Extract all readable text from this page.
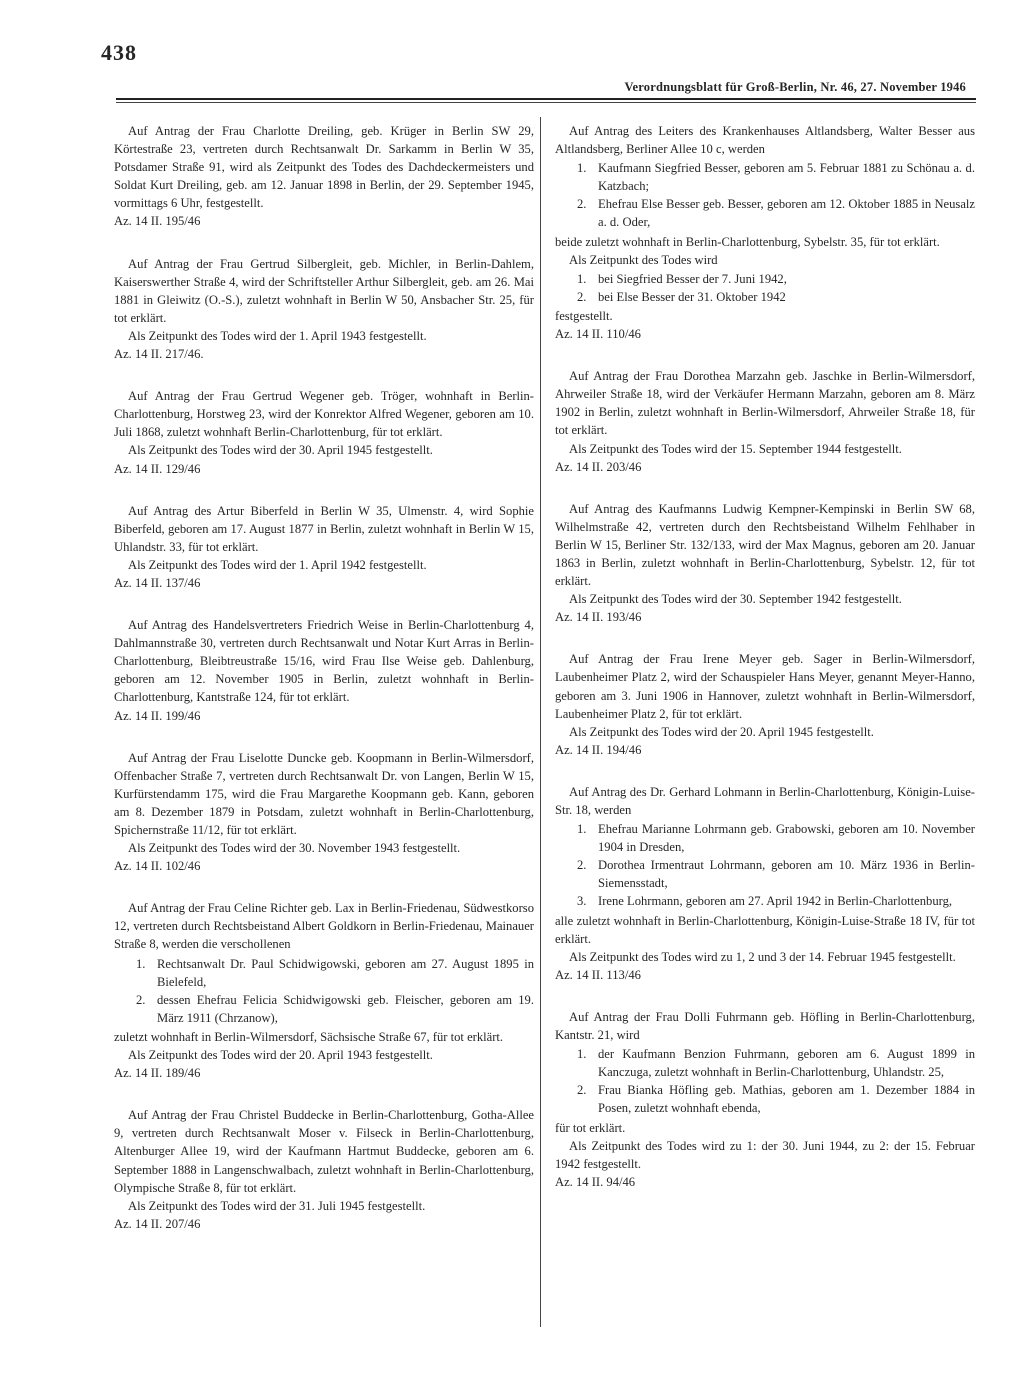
438
Verordnungsblatt für Groß-Berlin, Nr. 46, 27. November 1946

Auf Antrag der Frau Charlotte Dreiling, geb. Krüger in Berlin SW 29, Körtestraße 23, vertreten durch Rechtsanwalt Dr. Sarkamm in Berlin W 35, Potsdamer Straße 91, wird als Zeitpunkt des Todes des Dachdeckermeisters und Soldat Kurt Dreiling, geb. am 12. Januar 1898 in Berlin, der 29. September 1945, vormittags 6 Uhr, festgestellt.

Az. 14 II. 195/46

Auf Antrag der Frau Gertrud Silbergleit, geb. Michler, in Berlin-Dahlem, Kaiserswerther Straße 4, wird der Schriftsteller Arthur Silbergleit, geb. am 26. Mai 1881 in Gleiwitz (O.-S.), zuletzt wohnhaft in Berlin W 50, Ansbacher Str. 25, für tot erklärt.

Als Zeitpunkt des Todes wird der 1. April 1943 festgestellt.

Az. 14 II. 217/46.

Auf Antrag der Frau Gertrud Wegener geb. Tröger, wohnhaft in Berlin-Charlottenburg, Horstweg 23, wird der Konrektor Alfred Wegener, geboren am 10. Juli 1868, zuletzt wohnhaft Berlin-Charlottenburg, für tot erklärt.

Als Zeitpunkt des Todes wird der 30. April 1945 festgestellt.

Az. 14 II. 129/46

Auf Antrag des Artur Biberfeld in Berlin W 35, Ulmenstr. 4, wird Sophie Biberfeld, geboren am 17. August 1877 in Berlin, zuletzt wohnhaft in Berlin W 15, Uhlandstr. 33, für tot erklärt.

Als Zeitpunkt des Todes wird der 1. April 1942 festgestellt.

Az. 14 II. 137/46

Auf Antrag des Handelsvertreters Friedrich Weise in Berlin-Charlottenburg 4, Dahlmannstraße 30, vertreten durch Rechtsanwalt und Notar Kurt Arras in Berlin-Charlottenburg, Bleibtreustraße 15/16, wird Frau Ilse Weise geb. Dahlenburg, geboren am 12. November 1905 in Berlin, zuletzt wohnhaft in Berlin-Charlottenburg, Kantstraße 124, für tot erklärt.

Az. 14 II. 199/46

Auf Antrag der Frau Liselotte Duncke geb. Koopmann in Berlin-Wilmersdorf, Offenbacher Straße 7, vertreten durch Rechtsanwalt Dr. von Langen, Berlin W 15, Kurfürstendamm 175, wird die Frau Margarethe Koopmann geb. Kann, geboren am 8. Dezember 1879 in Potsdam, zuletzt wohnhaft in Berlin-Charlottenburg, Spichernstraße 11/12, für tot erklärt.

Als Zeitpunkt des Todes wird der 30. November 1943 festgestellt.

Az. 14 II. 102/46

Auf Antrag der Frau Celine Richter geb. Lax in Berlin-Friedenau, Südwestkorso 12, vertreten durch Rechtsbeistand Albert Goldkorn in Berlin-Friedenau, Mainauer Straße 8, werden die verschollenen

1. Rechtsanwalt Dr. Paul Schidwigowski, geboren am 27. August 1895 in Bielefeld,

2. dessen Ehefrau Felicia Schidwigowski geb. Fleischer, geboren am 19. März 1911 (Chrzanow),

zuletzt wohnhaft in Berlin-Wilmersdorf, Sächsische Straße 67, für tot erklärt.

Als Zeitpunkt des Todes wird der 20. April 1943 festgestellt.

Az. 14 II. 189/46

Auf Antrag der Frau Christel Buddecke in Berlin-Charlottenburg, Gotha-Allee 9, vertreten durch Rechtsanwalt Moser v. Filseck in Berlin-Charlottenburg, Altenburger Allee 19, wird der Kaufmann Hartmut Buddecke, geboren am 6. September 1888 in Langenschwalbach, zuletzt wohnhaft in Berlin-Charlottenburg, Olympische Straße 8, für tot erklärt.

Als Zeitpunkt des Todes wird der 31. Juli 1945 festgestellt.

Az. 14 II. 207/46

Auf Antrag des Leiters des Krankenhauses Altlandsberg, Walter Besser aus Altlandsberg, Berliner Allee 10 c, werden

1. Kaufmann Siegfried Besser, geboren am 5. Februar 1881 zu Schönau a. d. Katzbach;

2. Ehefrau Else Besser geb. Besser, geboren am 12. Oktober 1885 in Neusalz a. d. Oder,

beide zuletzt wohnhaft in Berlin-Charlottenburg, Sybelstr. 35, für tot erklärt.

Als Zeitpunkt des Todes wird

1. bei Siegfried Besser der 7. Juni 1942,

2. bei Else Besser der 31. Oktober 1942

festgestellt.

Az. 14 II. 110/46

Auf Antrag der Frau Dorothea Marzahn geb. Jaschke in Berlin-Wilmersdorf, Ahrweiler Straße 18, wird der Verkäufer Hermann Marzahn, geboren am 8. März 1902 in Berlin, zuletzt wohnhaft in Berlin-Wilmersdorf, Ahrweiler Straße 18, für tot erklärt.

Als Zeitpunkt des Todes wird der 15. September 1944 festgestellt.

Az. 14 II. 203/46

Auf Antrag des Kaufmanns Ludwig Kempner-Kempinski in Berlin SW 68, Wilhelmstraße 42, vertreten durch den Rechtsbeistand Wilhelm Fehlhaber in Berlin W 15, Berliner Str. 132/133, wird der Max Magnus, geboren am 20. Januar 1863 in Berlin, zuletzt wohnhaft in Berlin-Charlottenburg, Sybelstr. 12, für tot erklärt.

Als Zeitpunkt des Todes wird der 30. September 1942 festgestellt.

Az. 14 II. 193/46

Auf Antrag der Frau Irene Meyer geb. Sager in Berlin-Wilmersdorf, Laubenheimer Platz 2, wird der Schauspieler Hans Meyer, genannt Meyer-Hanno, geboren am 3. Juni 1906 in Hannover, zuletzt wohnhaft in Berlin-Wilmersdorf, Laubenheimer Platz 2, für tot erklärt.

Als Zeitpunkt des Todes wird der 20. April 1945 festgestellt.

Az. 14 II. 194/46

Auf Antrag des Dr. Gerhard Lohmann in Berlin-Charlottenburg, Königin-Luise-Str. 18, werden

1. Ehefrau Marianne Lohrmann geb. Grabowski, geboren am 10. November 1904 in Dresden,

2. Dorothea Irmentraut Lohrmann, geboren am 10. März 1936 in Berlin-Siemensstadt,

3. Irene Lohrmann, geboren am 27. April 1942 in Berlin-Charlottenburg,

alle zuletzt wohnhaft in Berlin-Charlottenburg, Königin-Luise-Straße 18 IV, für tot erklärt.

Als Zeitpunkt des Todes wird zu 1, 2 und 3 der 14. Februar 1945 festgestellt.

Az. 14 II. 113/46

Auf Antrag der Frau Dolli Fuhrmann geb. Höfling in Berlin-Charlottenburg, Kantstr. 21, wird

1. der Kaufmann Benzion Fuhrmann, geboren am 6. August 1899 in Kanczuga, zuletzt wohnhaft in Berlin-Charlottenburg, Uhlandstr. 25,

2. Frau Bianka Höfling geb. Mathias, geboren am 1. Dezember 1884 in Posen, zuletzt wohnhaft ebenda,

für tot erklärt.

Als Zeitpunkt des Todes wird zu 1: der 30. Juni 1944, zu 2: der 15. Februar 1942 festgestellt.

Az. 14 II. 94/46
